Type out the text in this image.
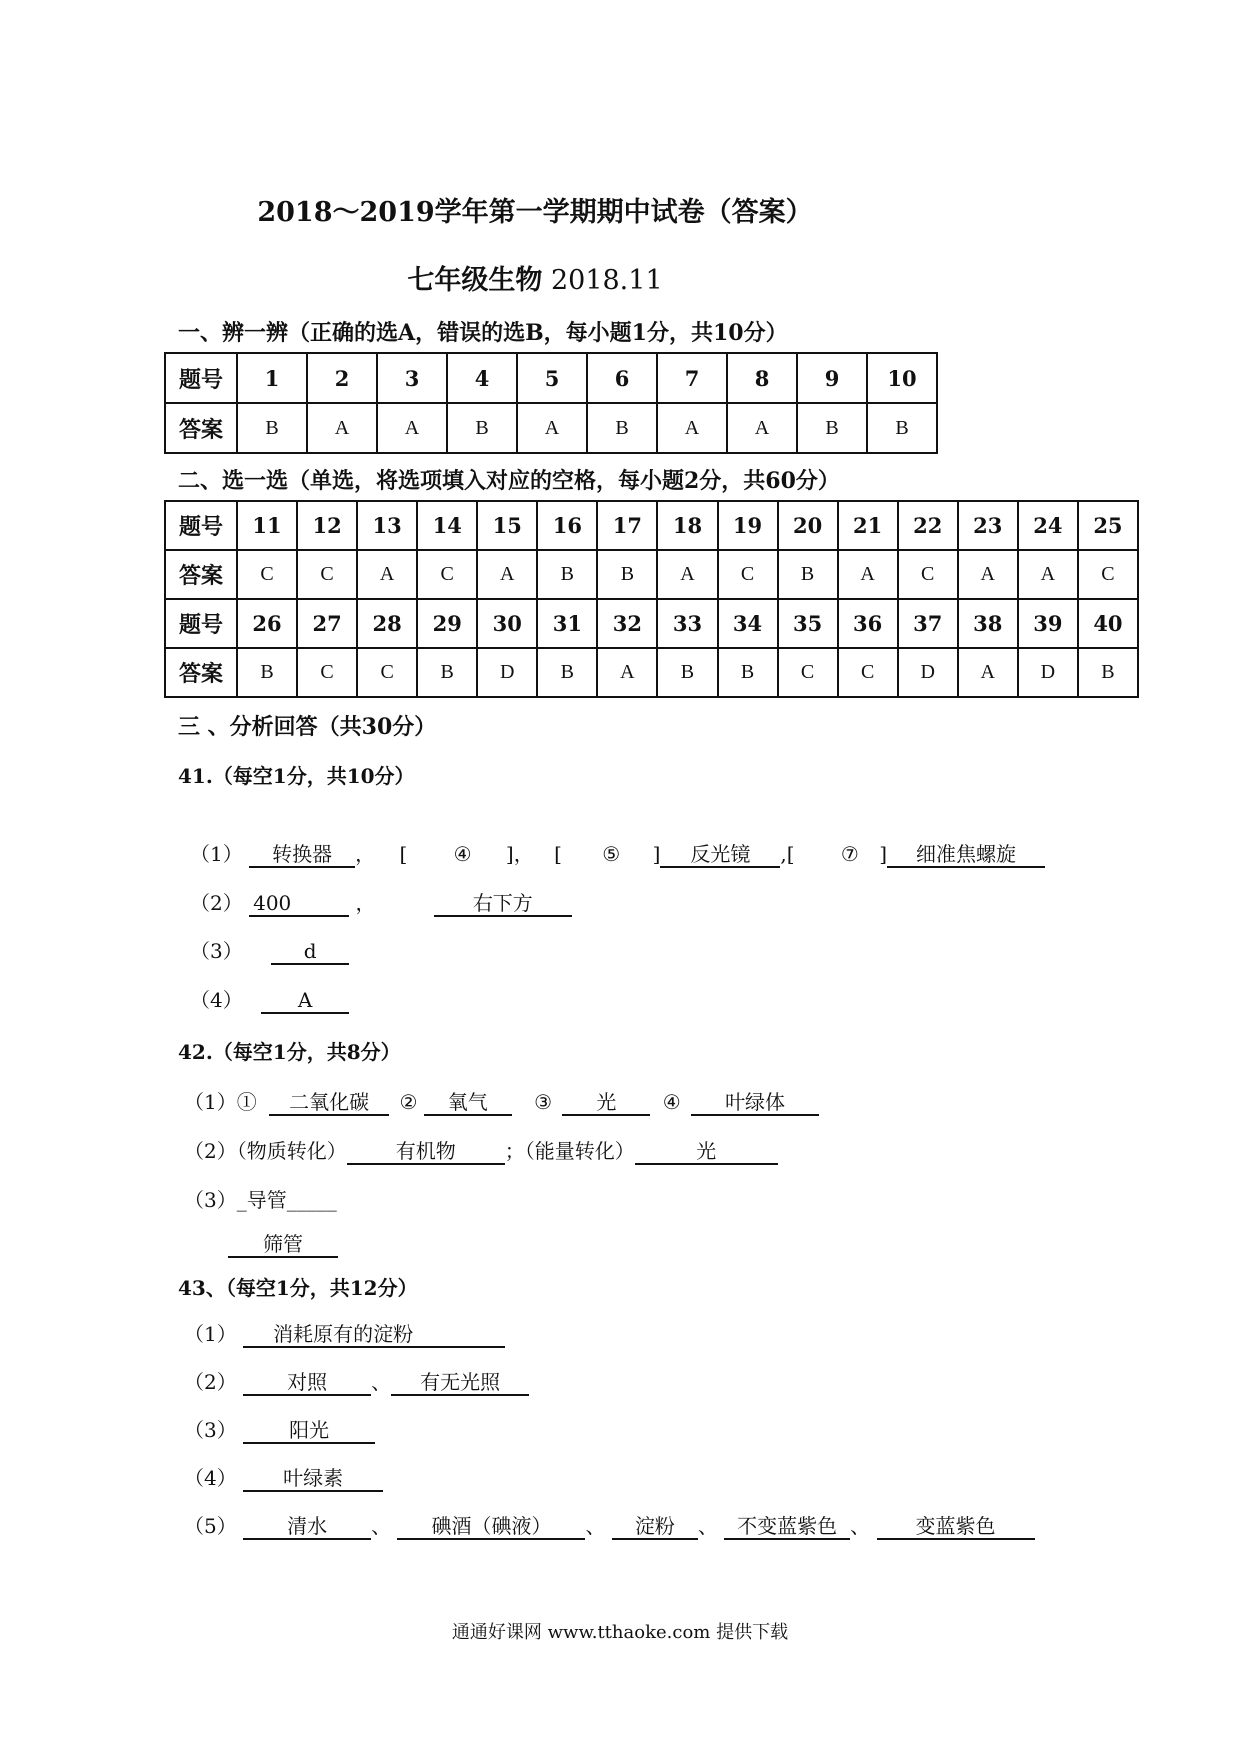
2018～2019学年第一学期期中试卷（答案）
七年级生物 2018.11
一、辨一辨（正确的选A，错误的选B，每小题1分，共10分）
题号	1	2	3	4	5	6	7	8	9	10
答案	B	A	A	B	A	B	A	A	B	B
二、选一选（单选，将选项填入对应的空格，每小题2分，共60分）
题号	11	12	13	14	15	16	17	18	19	20	21	22	23	24	25
答案	C	C	A	C	A	B	B	A	C	B	A	C	A	A	C
题号	26	27	28	29	30	31	32	33	34	35	36	37	38	39	40
答案	B	C	C	B	D	B	A	B	B	C	C	D	A	D	B
三 、分析回答（共30分）
41.（每空1分，共10分）
（1） 转换器 ， [ ④ ]， [ ⑤ ] 反光镜 ,[ ⑦ ] 细准焦螺旋
（2） 400	，	右下方
（3）	d
（4）	A
42.（每空1分，共8分）
（1）① 二氧化碳 ② 氧气 ③ 光 ④ 叶绿体
（2）（物质转化） 有机物 ；（能量转化）	光
（3）_导管_____
筛管
43、（每空1分，共12分）
（1） 消耗原有的淀粉
（2）	对照 、 有无光照
（3）	阳光
（4） 叶绿素
（5）	清水 、 碘酒（碘液） 、 淀粉 、 不变蓝紫色 、 变蓝紫色
通通好课网 www.tthaoke.com 提供下载
